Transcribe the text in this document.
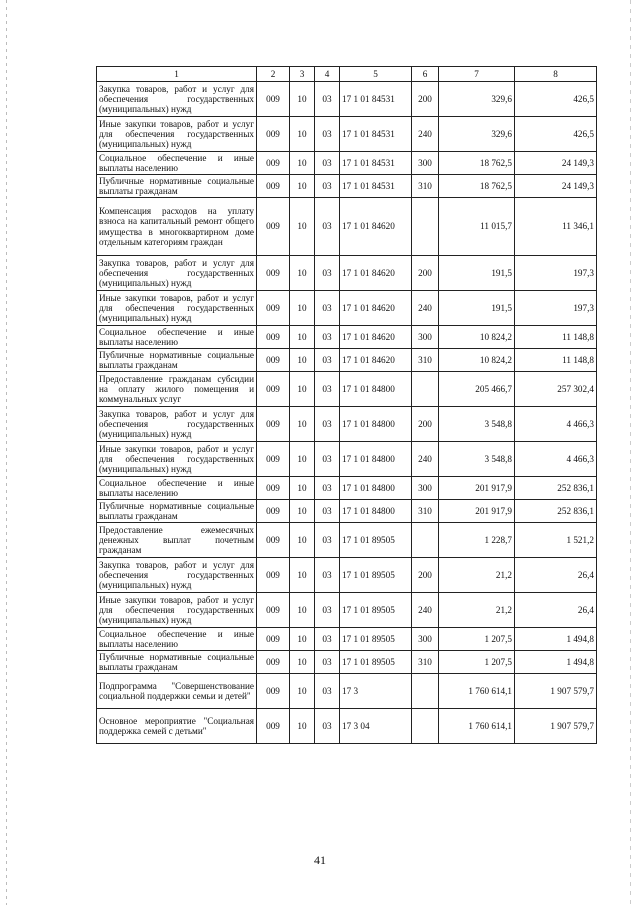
1	2	3	4	5	6	7	8
Закупка товаров, работ и услуг для обеспечения государственных (муниципальных) нужд	009	10	03	17 1 01 84531	200	329,6	426,5
Иные закупки товаров, работ и услуг для обеспечения государственных (муниципальных) нужд	009	10	03	17 1 01 84531	240	329,6	426,5
Социальное обеспечение и иные выплаты населению	009	10	03	17 1 01 84531	300	18 762,5	24 149,3
Публичные нормативные социальные выплаты гражданам	009	10	03	17 1 01 84531	310	18 762,5	24 149,3
Компенсация расходов на уплату взноса на капитальный ремонт общего имущества в многоквартирном доме отдельным категориям граждан	009	10	03	17 1 01 84620		11 015,7	11 346,1
Закупка товаров, работ и услуг для обеспечения государственных (муниципальных) нужд	009	10	03	17 1 01 84620	200	191,5	197,3
Иные закупки товаров, работ и услуг для обеспечения государственных (муниципальных) нужд	009	10	03	17 1 01 84620	240	191,5	197,3
Социальное обеспечение и иные выплаты населению	009	10	03	17 1 01 84620	300	10 824,2	11 148,8
Публичные нормативные социальные выплаты гражданам	009	10	03	17 1 01 84620	310	10 824,2	11 148,8
Предоставление гражданам субсидии на оплату жилого помещения и коммунальных услуг	009	10	03	17 1 01 84800		205 466,7	257 302,4
Закупка товаров, работ и услуг для обеспечения государственных (муниципальных) нужд	009	10	03	17 1 01 84800	200	3 548,8	4 466,3
Иные закупки товаров, работ и услуг для обеспечения государственных (муниципальных) нужд	009	10	03	17 1 01 84800	240	3 548,8	4 466,3
Социальное обеспечение и иные выплаты населению	009	10	03	17 1 01 84800	300	201 917,9	252 836,1
Публичные нормативные социальные выплаты гражданам	009	10	03	17 1 01 84800	310	201 917,9	252 836,1
Предоставление ежемесячных денежных выплат почетным гражданам	009	10	03	17 1 01 89505		1 228,7	1 521,2
Закупка товаров, работ и услуг для обеспечения государственных (муниципальных) нужд	009	10	03	17 1 01 89505	200	21,2	26,4
Иные закупки товаров, работ и услуг для обеспечения государственных (муниципальных) нужд	009	10	03	17 1 01 89505	240	21,2	26,4
Социальное обеспечение и иные выплаты населению	009	10	03	17 1 01 89505	300	1 207,5	1 494,8
Публичные нормативные социальные выплаты гражданам	009	10	03	17 1 01 89505	310	1 207,5	1 494,8
Подпрограмма "Совершенствование социальной поддержки семьи и детей"	009	10	03	17 3		1 760 614,1	1 907 579,7
Основное мероприятие "Социальная поддержка семей с детьми"	009	10	03	17 3 04		1 760 614,1	1 907 579,7
41
